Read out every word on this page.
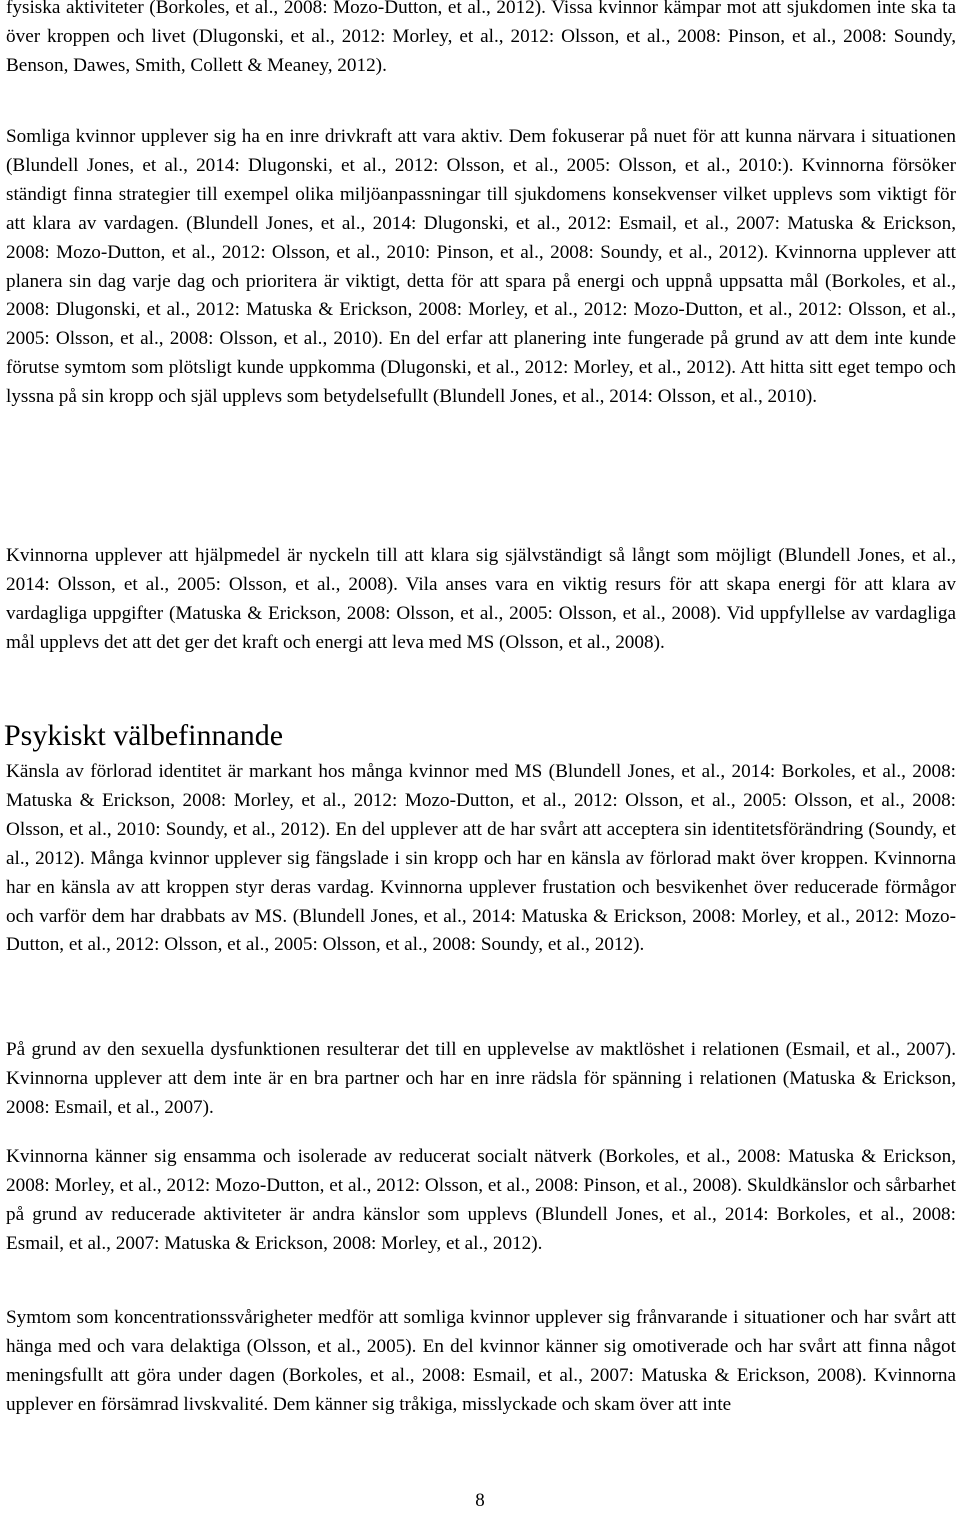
fysiska aktiviteter (Borkoles, et al., 2008: Mozo-Dutton, et al., 2012). Vissa kvinnor kämpar mot att sjukdomen inte ska ta över kroppen och livet (Dlugonski, et al., 2012: Morley, et al., 2012: Olsson, et al., 2008: Pinson, et al., 2008: Soundy, Benson, Dawes, Smith, Collett & Meaney, 2012).

Somliga kvinnor upplever sig ha en inre drivkraft att vara aktiv. Dem fokuserar på nuet för att kunna närvara i situationen (Blundell Jones, et al., 2014: Dlugonski, et al., 2012: Olsson, et al., 2005: Olsson, et al., 2010:). Kvinnorna försöker ständigt finna strategier till exempel olika miljöanpassningar till sjukdomens konsekvenser vilket upplevs som viktigt för att klara av vardagen. (Blundell Jones, et al., 2014: Dlugonski, et al., 2012: Esmail, et al., 2007: Matuska & Erickson, 2008: Mozo-Dutton, et al., 2012: Olsson, et al., 2010: Pinson, et al., 2008: Soundy, et al., 2012). Kvinnorna upplever att planera sin dag varje dag och prioritera är viktigt, detta för att spara på energi och uppnå uppsatta mål (Borkoles, et al., 2008: Dlugonski, et al., 2012: Matuska & Erickson, 2008: Morley, et al., 2012: Mozo-Dutton, et al., 2012: Olsson, et al., 2005: Olsson, et al., 2008: Olsson, et al., 2010). En del erfar att planering inte fungerade på grund av att dem inte kunde förutse symtom som plötsligt kunde uppkomma (Dlugonski, et al., 2012: Morley, et al., 2012). Att hitta sitt eget tempo och lyssna på sin kropp och själ upplevs som betydelsefullt (Blundell Jones, et al., 2014: Olsson, et al., 2010).

Kvinnorna upplever att hjälpmedel är nyckeln till att klara sig självständigt så långt som möjligt (Blundell Jones, et al., 2014: Olsson, et al., 2005: Olsson, et al., 2008). Vila anses vara en viktig resurs för att skapa energi för att klara av vardagliga uppgifter (Matuska & Erickson, 2008: Olsson, et al., 2005: Olsson, et al., 2008). Vid uppfyllelse av vardagliga mål upplevs det att det ger det kraft och energi att leva med MS (Olsson, et al., 2008).

Psykiskt välbefinnande

Känsla av förlorad identitet är markant hos många kvinnor med MS (Blundell Jones, et al., 2014: Borkoles, et al., 2008: Matuska & Erickson, 2008: Morley, et al., 2012: Mozo-Dutton, et al., 2012: Olsson, et al., 2005: Olsson, et al., 2008: Olsson, et al., 2010: Soundy, et al., 2012). En del upplever att de har svårt att acceptera sin identitetsförändring (Soundy, et al., 2012). Många kvinnor upplever sig fängslade i sin kropp och har en känsla av förlorad makt över kroppen. Kvinnorna har en känsla av att kroppen styr deras vardag. Kvinnorna upplever frustation och besvikenhet över reducerade förmågor och varför dem har drabbats av MS. (Blundell Jones, et al., 2014: Matuska & Erickson, 2008: Morley, et al., 2012: Mozo-Dutton, et al., 2012: Olsson, et al., 2005: Olsson, et al., 2008: Soundy, et al., 2012).

På grund av den sexuella dysfunktionen resulterar det till en upplevelse av maktlöshet i relationen (Esmail, et al., 2007). Kvinnorna upplever att dem inte är en bra partner och har en inre rädsla för spänning i relationen (Matuska & Erickson, 2008: Esmail, et al., 2007).

Kvinnorna känner sig ensamma och isolerade av reducerat socialt nätverk (Borkoles, et al., 2008: Matuska & Erickson, 2008: Morley, et al., 2012: Mozo-Dutton, et al., 2012: Olsson, et al., 2008: Pinson, et al., 2008). Skuldkänslor och sårbarhet på grund av reducerade aktiviteter är andra känslor som upplevs (Blundell Jones, et al., 2014: Borkoles, et al., 2008: Esmail, et al., 2007: Matuska & Erickson, 2008: Morley, et al., 2012).

Symtom som koncentrationssvårigheter medför att somliga kvinnor upplever sig frånvarande i situationer och har svårt att hänga med och vara delaktiga (Olsson, et al., 2005). En del kvinnor känner sig omotiverade och har svårt att finna något meningsfullt att göra under dagen (Borkoles, et al., 2008: Esmail, et al., 2007: Matuska & Erickson, 2008). Kvinnorna upplever en försämrad livskvalité. Dem känner sig tråkiga, misslyckade och skam över att inte

8
